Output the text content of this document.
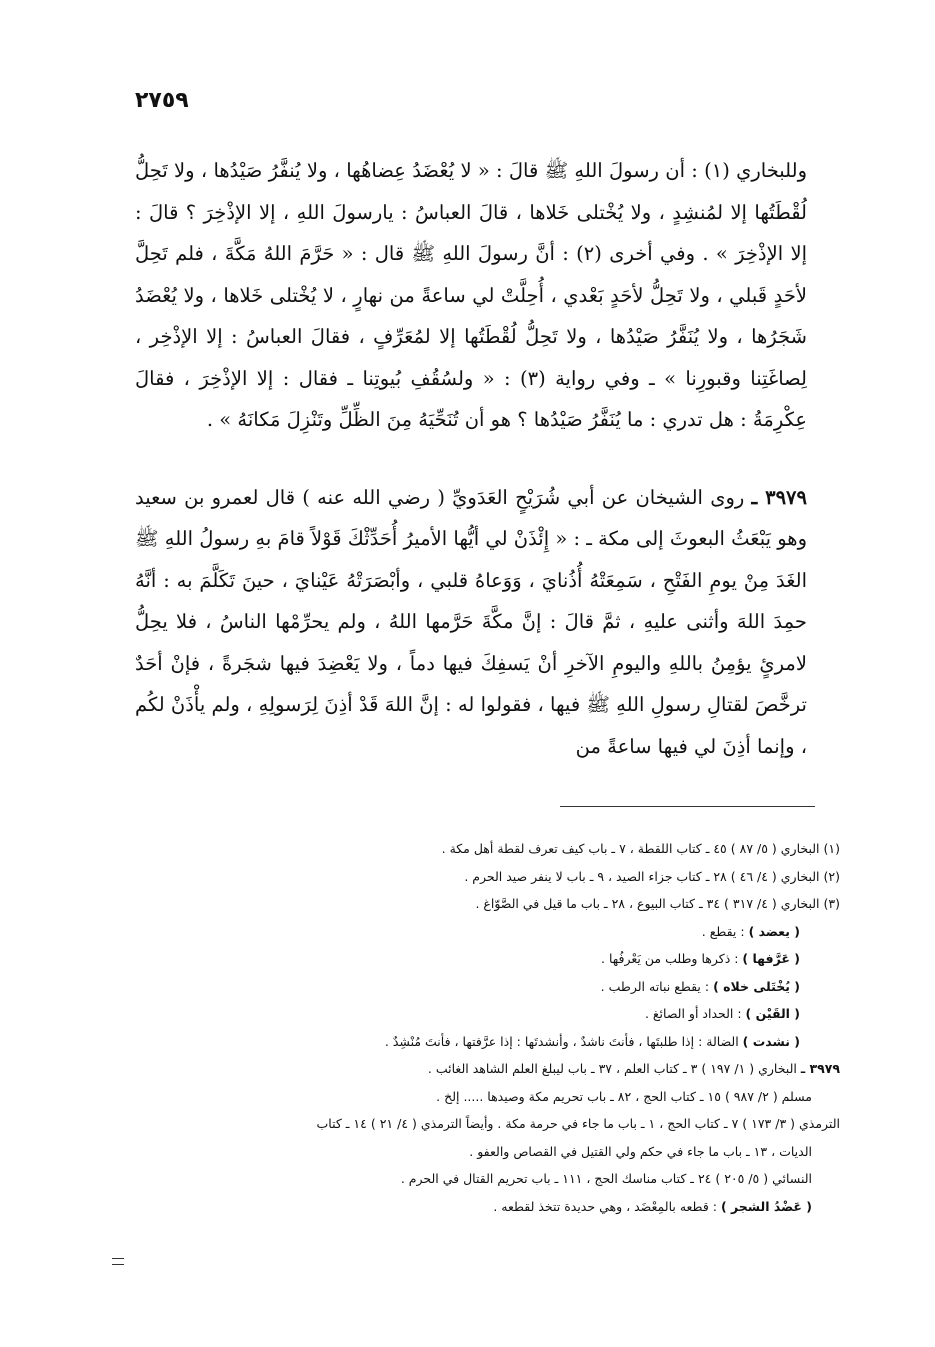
٢٧٥٩

وللبخاري (١) : أن رسولَ اللهِ ﷺ قالَ : « لا يُعْضَدُ عِضاهُها ، ولا يُنفَّرُ صَيْدُها ، ولا تَحِلُّ لُقْطَتُها إلا لمُنشِدٍ ، ولا يُخْتلى خَلاها ، قالَ العباسُ : يارسولَ اللهِ ، إلا الإذْخِرَ ؟ قالَ : إلا الإذْخِرَ » . وفي أخرى (٢) : أنَّ رسولَ اللهِ ﷺ قال : « حَرَّمَ اللهُ مَكَّةَ ، فلم تَحِلَّ لأحَدٍ قَبلي ، ولا تَحِلُّ لأحَدٍ بَعْدي ، أُحِلَّتْ لي ساعةً من نهارٍ ، لا يُخْتلى خَلاها ، ولا يُعْضَدُ شَجَرُها ، ولا يُنَفَّرُ صَيْدُها ، ولا تَحِلُّ لُقْطَتُها إلا لمُعَرِّفٍ ، فقالَ العباسُ : إلا الإذْخِر ، لِصاغَتِنا وقبورِنا » ـ وفي رواية (٣) : « ولسُقُفِ بُيوتِنا ـ فقال : إلا الإذْخِرَ ، فقالَ عِكْرِمَةُ : هل تدري : ما يُنَفَّرُ صَيْدُها ؟ هو أن تُنَحِّيَهُ مِنَ الظِّلِّ وتَنْزِلَ مَكانَهُ » .

٣٩٧٩ ـ روى الشيخان عن أبي شُرَيْحٍ العَدَويِّ ( رضي الله عنه ) قال لعمرو بن سعيد وهو يَبْعَثُ البعوثَ إلى مكة ـ : « إِئْذَنْ لي أيُّها الأميرُ أُحَدِّثْكَ قَوْلاً قامَ بهِ رسولُ اللهِ ﷺ الغَدَ مِنْ يومِ الفَتْحِ ، سَمِعَتْهُ أُذُنايَ ، وَوَعاهُ قلبي ، وأبْصَرَتْهُ عَيْنايَ ، حينَ تَكَلَّمَ به : أنَّهُ حمِدَ اللهَ وأثنى عليهِ ، ثمَّ قالَ : إنَّ مكَّةَ حَرَّمها اللهُ ، ولم يحرِّمْها الناسُ ، فلا يحِلُّ لامرئٍ يؤمِنُ باللهِ واليومِ الآخرِ أنْ يَسفِكَ فيها دماً ، ولا يَعْضِدَ فيها شجَرةً ، فإنْ أحَدٌ ترخَّصَ لقتالِ رسولِ اللهِ ﷺ فيها ، فقولوا له : إنَّ اللهَ قَدْ أذِنَ لِرَسولِهِ ، ولم يأْذَنْ لكُم ، وإنما أذِنَ لي فيها ساعةً من

(١) البخاري ( ٥/ ٨٧ ) ٤٥ ـ كتاب اللقطة ، ٧ ـ باب كيف تعرف لقطة أهل مكة .
(٢) البخاري ( ٤/ ٤٦ ) ٢٨ ـ كتاب جزاء الصيد ، ٩ ـ باب لا ينفر صيد الحرم .
(٣) البخاري ( ٤/ ٣١٧ ) ٣٤ ـ كتاب البيوع ، ٢٨ ـ باب ما قيل في الصَّوّاغ .
( يعضد ) : يقطع .
( عَرَّفها ) : ذكرها وطلب من يَعْرفُها .
( يُخْتَلى خلاه ) : يقطع نباته الرطب .
( القَيْن ) : الحداد أو الصائغ .
( نشدت ) الضالة : إذا طلبتَها ، فأنتَ ناشدٌ ، وأنشدتَها : إذا عرَّفتها ، فأنتَ مُنْشِدٌ .
٣٩٧٩ ـ البخاري ( ١/ ١٩٧ ) ٣ ـ كتاب العلم ، ٣٧ ـ باب ليبلغ العلم الشاهد الغائب .
مسلم ( ٢/ ٩٨٧ ) ١٥ ـ كتاب الحج ، ٨٢ ـ باب تحريم مكة وصيدها ..... إلخ .
الترمذي ( ٣/ ١٧٣ ) ٧ ـ كتاب الحج ، ١ ـ باب ما جاء في حرمة مكة . وأيضاً الترمذي ( ٤/ ٢١ ) ١٤ ـ كتاب
الديات ، ١٣ ـ باب ما جاء في حكم ولي القتيل في القصاص والعفو .
النسائي ( ٥/ ٢٠٥ ) ٢٤ ـ كتاب مناسك الحج ، ١١١ ـ باب تحريم القتال في الحرم .
( عَضْدُ الشجر ) : قطعه بالمِعْضَد ، وهي حديدة تتخذ لقطعه .
